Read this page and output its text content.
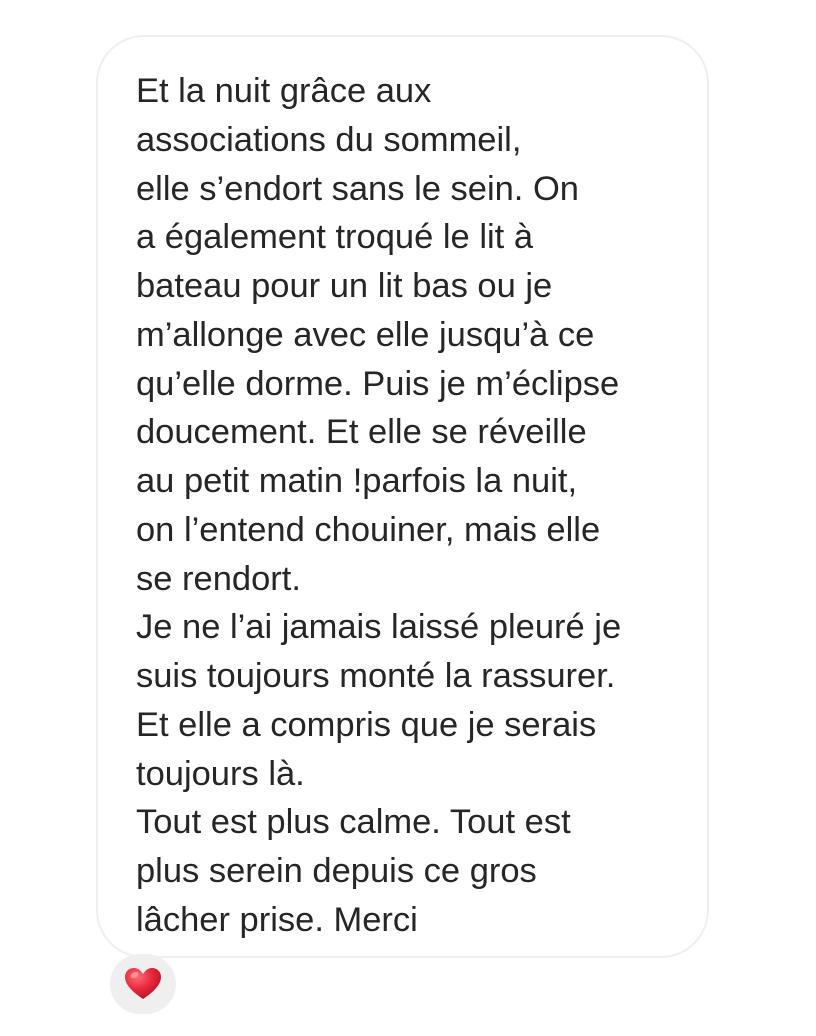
Et la nuit grâce aux
associations du sommeil,
elle s’endort sans le sein. On
a également troqué le lit à
bateau pour un lit bas ou je
m’allonge avec elle jusqu’à ce
qu’elle dorme. Puis je m’éclipse
doucement. Et elle se réveille
au petit matin !parfois la nuit,
on l’entend chouiner, mais elle
se rendort.
Je ne l’ai jamais laissé pleuré je
suis toujours monté la rassurer.
Et elle a compris que je serais
toujours là.
Tout est plus calme. Tout est
plus serein depuis ce gros
lâcher prise. Merci
